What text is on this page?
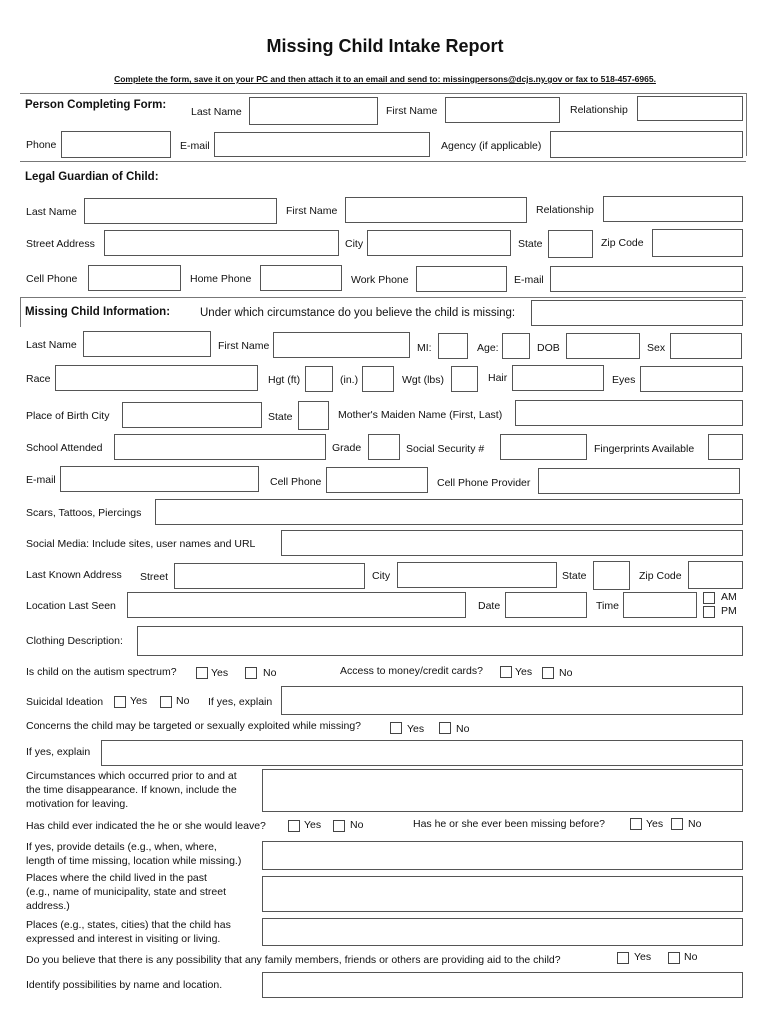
Missing Child Intake Report
Complete the form, save it on your PC and then attach it to an email and send to: missingpersons@dcjs.ny.gov or fax to 518-457-6965.
Person Completing Form:
Last Name	First Name	Relationship
Phone	E-mail	Agency (if applicable)
Legal Guardian of Child:
Last Name	First Name	Relationship
Street Address	City	State	Zip Code
Cell Phone	Home Phone	Work Phone	E-mail
Missing Child Information:	Under which circumstance do you believe the child is missing:
Last Name	First Name	MI:	Age:	DOB	Sex
Race	Hgt (ft)	(in.)	Wgt (lbs)	Hair	Eyes
Place of Birth City	State	Mother's Maiden Name (First, Last)
School Attended	Grade	Social Security #	Fingerprints Available
E-mail	Cell Phone	Cell Phone Provider
Scars, Tattoos, Piercings
Social Media: Include sites, user names and URL
Last Known Address Street	City	State	Zip Code
Location Last Seen	Date	Time
AM
PM
Clothing Description:
Is child on the autism spectrum?	Yes	No	Access to money/credit cards?	Yes	No
Suicidal Ideation	Yes	No If yes, explain
Concerns the child may be targeted or sexually exploited while missing?	Yes	No
If yes, explain
Circumstances which occurred prior to and at
the time disappearance. If known, include the
motivation for leaving.
Has child ever indicated the he or she would leave?	Yes	No	Has he or she ever been missing before?	Yes No
If yes, provide details (e.g., when, where,
length of time missing, location while missing.)
Places where the child lived in the past
(e.g., name of municipality, state and street
address.)
Places (e.g., states, cities) that the child has
expressed and interest in visiting or living.
Do you believe that there is any possibility that any family members, friends or others are providing aid to the child?	Yes	No
Identify possibilities by name and location.
